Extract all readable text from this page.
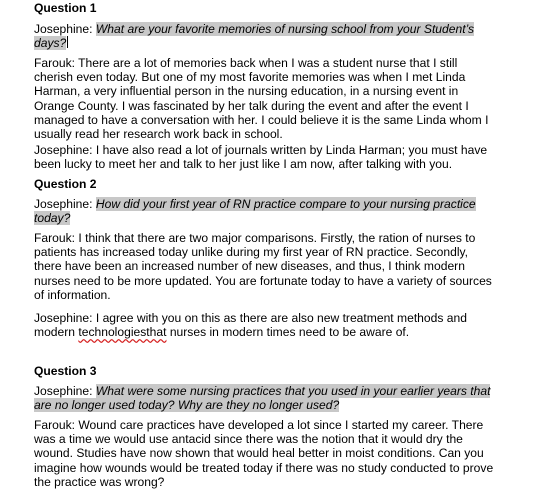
Question 1

Josephine: What are your favorite memories of nursing school from your Student’s days?

Farouk: There are a lot of memories back when I was a student nurse that I still cherish even today. But one of my most favorite memories was when I met Linda Harman, a very influential person in the nursing education, in a nursing event in Orange County. I was fascinated by her talk during the event and after the event I managed to have a conversation with her. I could believe it is the same Linda whom I usually read her research work back in school.

Josephine: I have also read a lot of journals written by Linda Harman; you must have been lucky to meet her and talk to her just like I am now, after talking with you.

Question 2

Josephine: How did your first year of RN practice compare to your nursing practice today?

Farouk: I think that there are two major comparisons. Firstly, the ration of nurses to patients has increased today unlike during my first year of RN practice. Secondly, there have been an increased number of new diseases, and thus, I think modern nurses need to be more updated. You are fortunate today to have a variety of sources of information.

Josephine: I agree with you on this as there are also new treatment methods and modern technologiesthat nurses in modern times need to be aware of.

Question 3

Josephine: What were some nursing practices that you used in your earlier years that are no longer used today? Why are they no longer used?

Farouk: Wound care practices have developed a lot since I started my career. There was a time we would use antacid since there was the notion that it would dry the wound. Studies have now shown that would heal better in moist conditions. Can you imagine how wounds would be treated today if there was no study conducted to prove the practice was wrong?
